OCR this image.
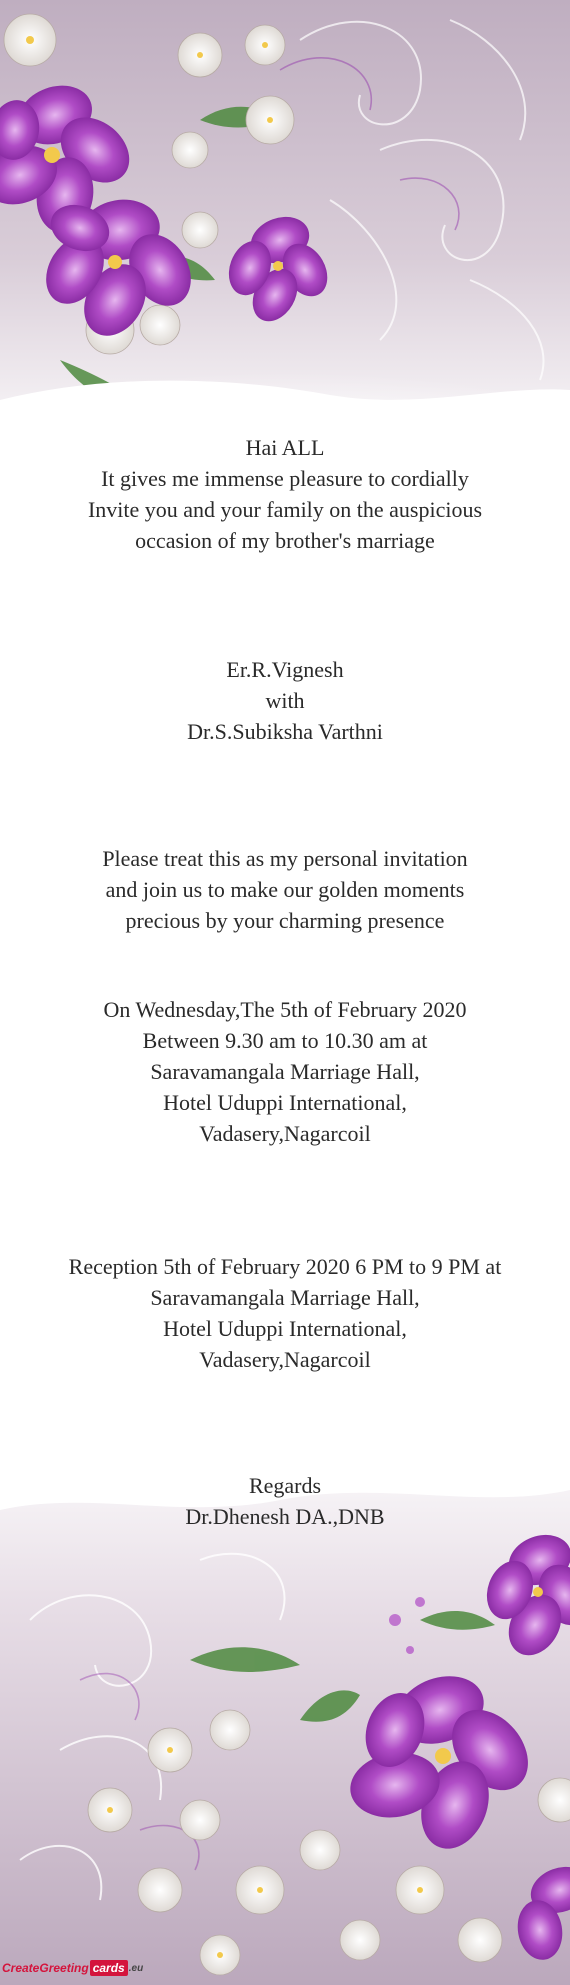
Hai ALL

It gives me immense pleasure to cordially

Invite you and your family on the auspicious

occasion of my brother's marriage

Er.R.Vignesh

with

Dr.S.Subiksha Varthni

Please treat this as my personal invitation

and join us to make our golden moments

precious by your charming presence

On Wednesday,The 5th of February 2020

Between 9.30 am to 10.30 am at

Saravamangala Marriage Hall,

Hotel Uduppi International,

Vadasery,Nagarcoil

Reception 5th of February 2020 6 PM to 9 PM at

Saravamangala Marriage Hall,

Hotel Uduppi International,

Vadasery,Nagarcoil

Regards

Dr.Dhenesh DA.,DNB

CreateGreeting cards .eu
